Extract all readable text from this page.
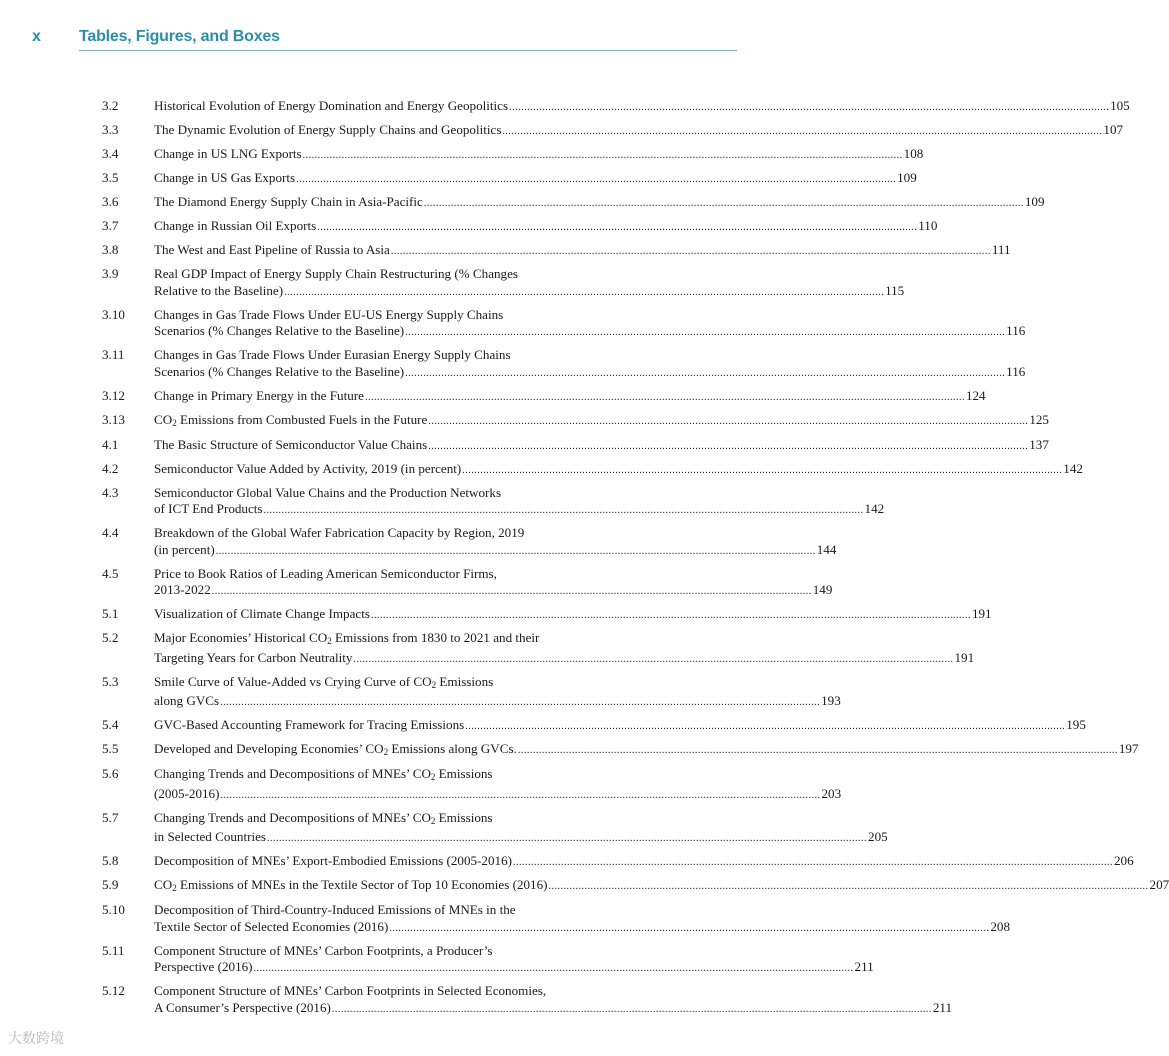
x Tables, Figures, and Boxes
3.2	Historical Evolution of Energy Domination and Energy Geopolitics ........................................................................................................................................................................................................ 105
3.3	The Dynamic Evolution of Energy Supply Chains and Geopolitics ........................................................................................................................................................................................................ 107
3.4	Change in US LNG Exports ........................................................................................................................................................................................................ 108
3.5	Change in US Gas Exports ........................................................................................................................................................................................................ 109
3.6	The Diamond Energy Supply Chain in Asia-Pacific ........................................................................................................................................................................................................ 109
3.7	Change in Russian Oil Exports ........................................................................................................................................................................................................ 110
3.8	The West and East Pipeline of Russia to Asia ........................................................................................................................................................................................................ 111
3.9	Real GDP Impact of Energy Supply Chain Restructuring (% Changes
Relative to the Baseline) ........................................................................................................................................................................................................ 115
3.10	Changes in Gas Trade Flows Under EU-US Energy Supply Chains
Scenarios (% Changes Relative to the Baseline) ........................................................................................................................................................................................................ 116
3.11	Changes in Gas Trade Flows Under Eurasian Energy Supply Chains
Scenarios (% Changes Relative to the Baseline) ........................................................................................................................................................................................................ 116
3.12	Change in Primary Energy in the Future ........................................................................................................................................................................................................ 124
3.13	$CO_2$ Emissions from Combusted Fuels in the Future ........................................................................................................................................................................................................ 125
4.1	The Basic Structure of Semiconductor Value Chains ........................................................................................................................................................................................................ 137
4.2	Semiconductor Value Added by Activity, 2019 (in percent) ........................................................................................................................................................................................................ 142
4.3	Semiconductor Global Value Chains and the Production Networks
of ICT End Products ........................................................................................................................................................................................................ 142
4.4	Breakdown of the Global Wafer Fabrication Capacity by Region, 2019
(in percent) ........................................................................................................................................................................................................ 144
4.5	Price to Book Ratios of Leading American Semiconductor Firms,
2013-2022 ........................................................................................................................................................................................................ 149
5.1	Visualization of Climate Change Impacts ........................................................................................................................................................................................................ 191
5.2	Major Economies’ Historical $CO_2$ Emissions from 1830 to 2021 and their
Targeting Years for Carbon Neutrality ........................................................................................................................................................................................................ 191
5.3	Smile Curve of Value-Added vs Crying Curve of $CO_2$ Emissions
along GVCs ........................................................................................................................................................................................................ 193
5.4	GVC-Based Accounting Framework for Tracing Emissions ........................................................................................................................................................................................................ 195
5.5	Developed and Developing Economies’ $CO_2$ Emissions along GVCs. ........................................................................................................................................................................................................ 197
5.6	Changing Trends and Decompositions of MNEs’ $CO_2$ Emissions
(2005-2016) ........................................................................................................................................................................................................ 203
5.7	Changing Trends and Decompositions of MNEs’ $CO_2$ Emissions
in Selected Countries ........................................................................................................................................................................................................ 205
5.8	Decomposition of MNEs’ Export-Embodied Emissions (2005-2016) ........................................................................................................................................................................................................ 206
5.9	$CO_2$ Emissions of MNEs in the Textile Sector of Top 10 Economies (2016) ........................................................................................................................................................................................................ 207
5.10	Decomposition of Third-Country-Induced Emissions of MNEs in the
Textile Sector of Selected Economies (2016) ........................................................................................................................................................................................................ 208
5.11	Component Structure of MNEs’ Carbon Footprints, a Producer’s
Perspective (2016) ........................................................................................................................................................................................................ 211
5.12	Component Structure of MNEs’ Carbon Footprints in Selected Economies,
A Consumer’s Perspective (2016) ........................................................................................................................................................................................................ 211
大数跨境
